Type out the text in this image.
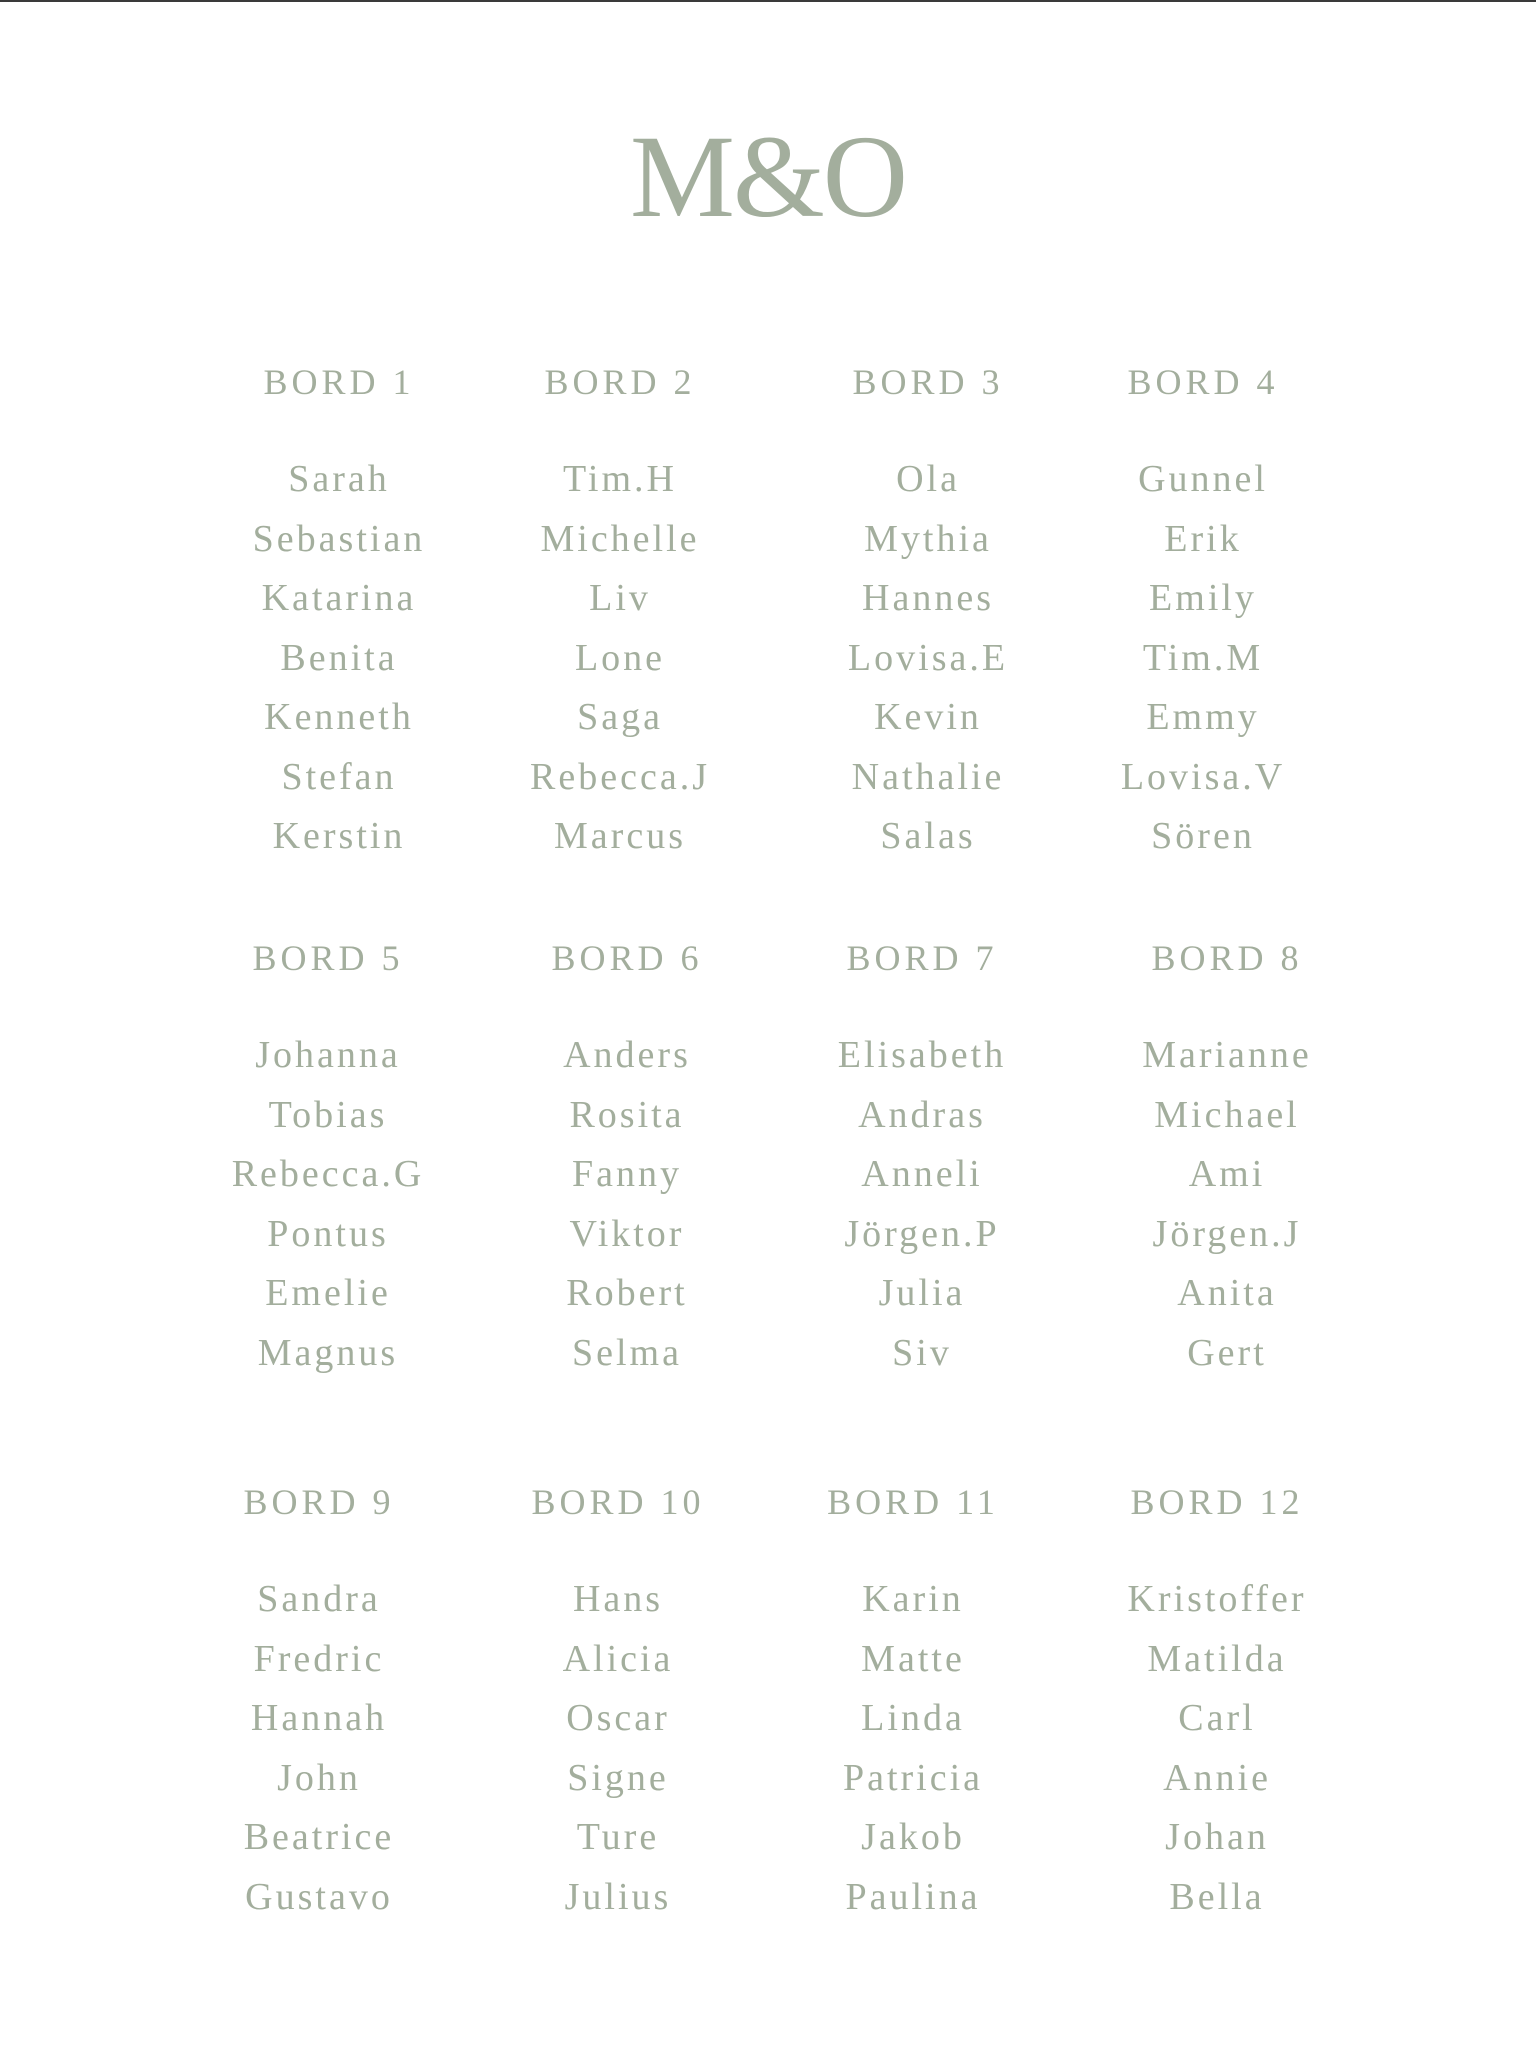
M&O
BORD 1
Sarah
Sebastian
Katarina
Benita
Kenneth
Stefan
Kerstin
BORD 2
Tim.H
Michelle
Liv
Lone
Saga
Rebecca.J
Marcus
BORD 3
Ola
Mythia
Hannes
Lovisa.E
Kevin
Nathalie
Salas
BORD 4
Gunnel
Erik
Emily
Tim.M
Emmy
Lovisa.V
Sören
BORD 5
Johanna
Tobias
Rebecca.G
Pontus
Emelie
Magnus
BORD 6
Anders
Rosita
Fanny
Viktor
Robert
Selma
BORD 7
Elisabeth
Andras
Anneli
Jörgen.P
Julia
Siv
BORD 8
Marianne
Michael
Ami
Jörgen.J
Anita
Gert
BORD 9
Sandra
Fredric
Hannah
John
Beatrice
Gustavo
BORD 10
Hans
Alicia
Oscar
Signe
Ture
Julius
BORD 11
Karin
Matte
Linda
Patricia
Jakob
Paulina
BORD 12
Kristoffer
Matilda
Carl
Annie
Johan
Bella
